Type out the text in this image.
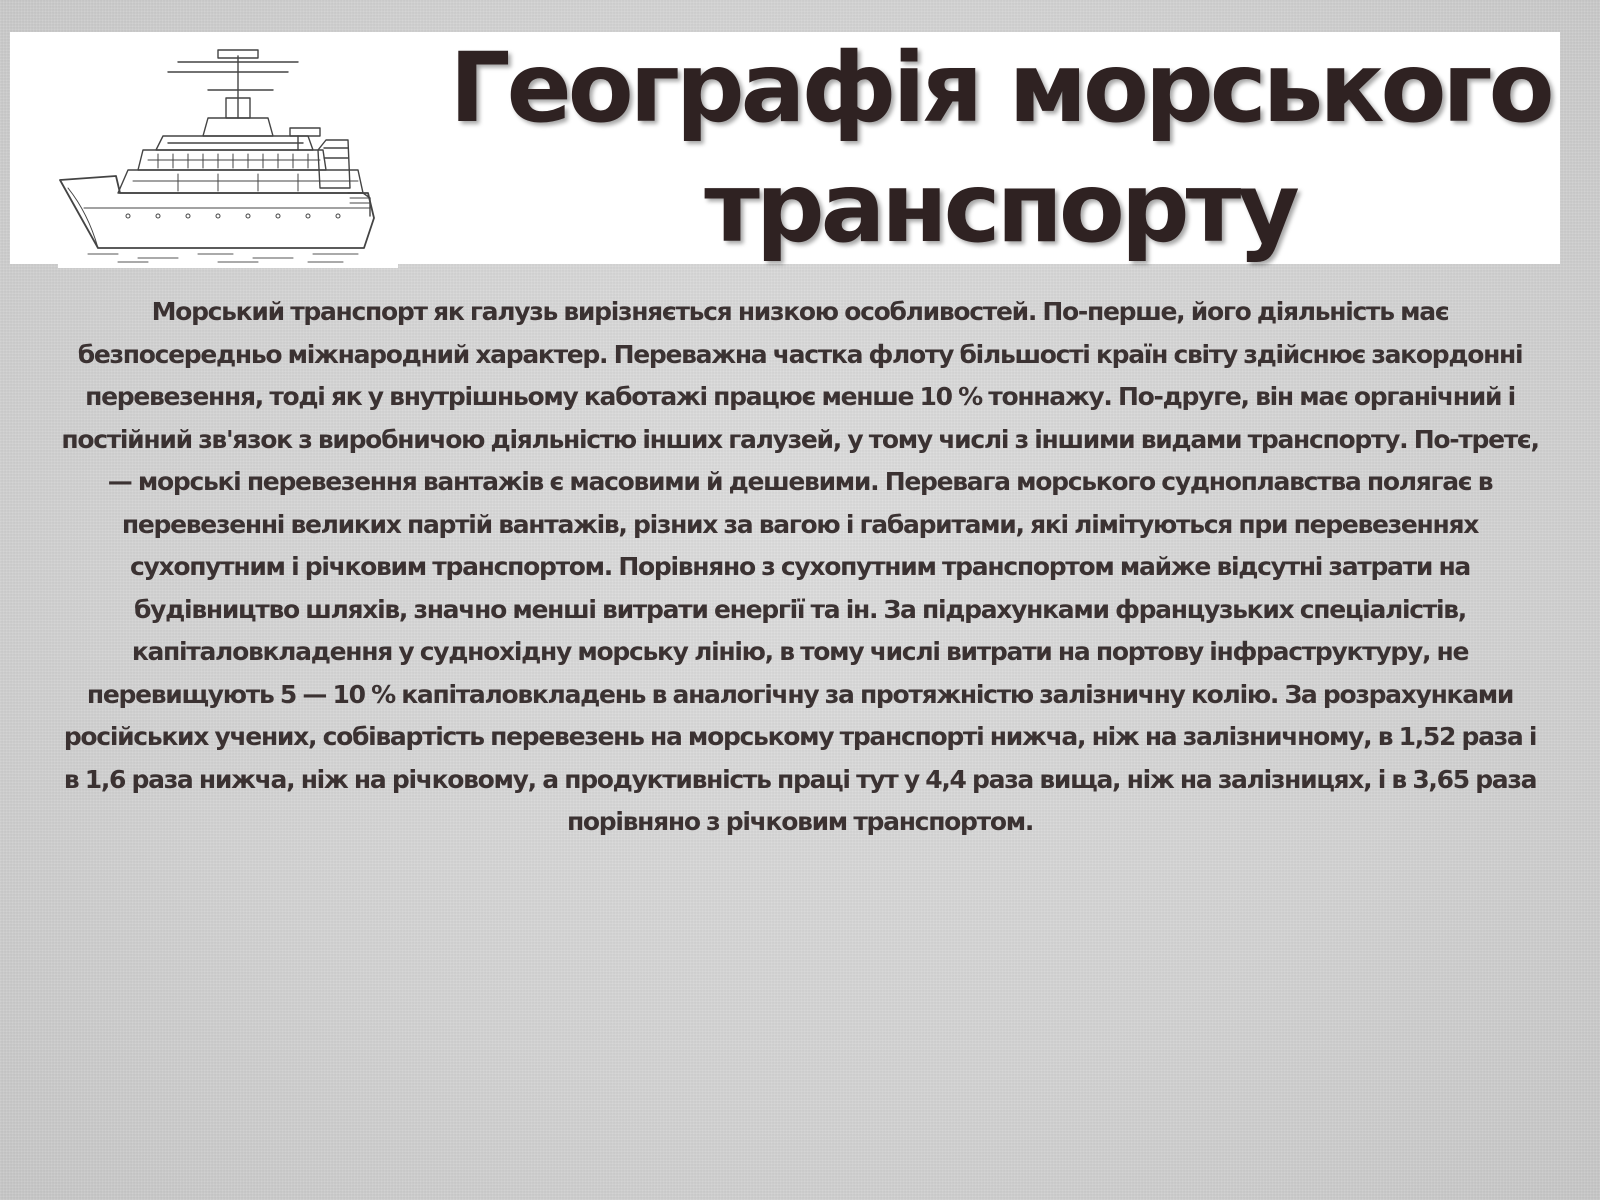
Географія морського транспорту

Морський транспорт як галузь вирізняється низкою особливостей. По-перше, його діяльність має безпосередньо міжнародний характер. Переважна частка флоту більшості країн світу здійснює закордонні перевезення, тоді як у внутрішньому каботажі працює менше 10 % тоннажу. По-друге, він має органічний і постійний зв'язок з виробничою діяльністю інших галузей, у тому числі з іншими видами транспорту. По-третє, — морські перевезення вантажів є масовими й дешевими. Перевага морського судноплавства полягає в перевезенні великих партій вантажів, різних за вагою і габаритами, які лімітуються при перевезеннях сухопутним і річковим транспортом. Порівняно з сухопутним транспортом майже відсутні затрати на будівництво шляхів, значно менші витрати енергії та ін. За підрахунками французьких спеціалістів, капіталовкладення у суднохідну морську лінію, в тому числі витрати на портову інфраструктуру, не перевищують 5 — 10 % капіталовкладень в аналогічну за протяжністю залізничну колію. За розрахунками російських учених, собівартість перевезень на морському транспорті нижча, ніж на залізничному, в 1,52 раза і в 1,6 раза нижча, ніж на річковому, а продуктивність праці тут у 4,4 раза вища, ніж на залізницях, і в 3,65 раза порівняно з річковим транспортом.
